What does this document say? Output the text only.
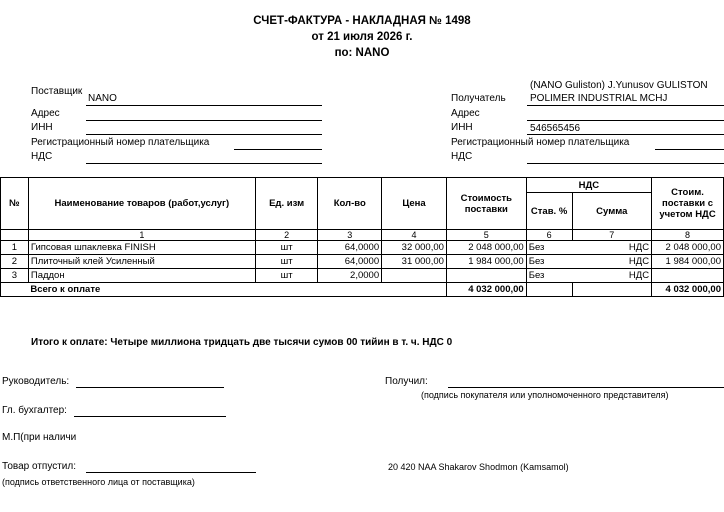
СЧЕТ-ФАКТУРА - НАКЛАДНАЯ № 1498
от 21 июля 2026 г.
по: NANO
Поставщик
NANO
Адрес
ИНН
Регистрационный номер плательщика
НДС
(NANO Guliston) J.Yunusov GULISTON
Получатель POLIMER INDUSTRIAL MCHJ
Адрес
ИНН	546565456
Регистрационный номер плательщика
НДС
№	Наименование товаров (работ,услуг)	Ед. изм	Кол-во	Цена	Стоимость поставки	НДС		Стоим. поставки с учетом НДС
						Став. %	Сумма	
	1	2	3	4	5	6	7	8
1	Гипсовая шпаклевка FINISH	шт	64,0000	32 000,00	2 048 000,00	Без	НДС	2 048 000,00
2	Плиточный клей Усиленный	шт	64,0000	31 000,00	1 984 000,00	Без	НДС	1 984 000,00
3	Паддон	шт	2,0000			Без	НДС	
	Всего к оплате				4 032 000,00			4 032 000,00
Итого к оплате: Четыре миллиона тридцать две тысячи сумов 00 тийин в т. ч. НДС 0
Руководитель:	Получил:
(подпись покупателя или уполномоченного представителя)
Гл. бухгалтер:
М.П(при наличи
Товар отпустил:
(подпись ответственного лица от поставщика)
20 420 NAA Shakarov Shodmon (Kamsamol)
